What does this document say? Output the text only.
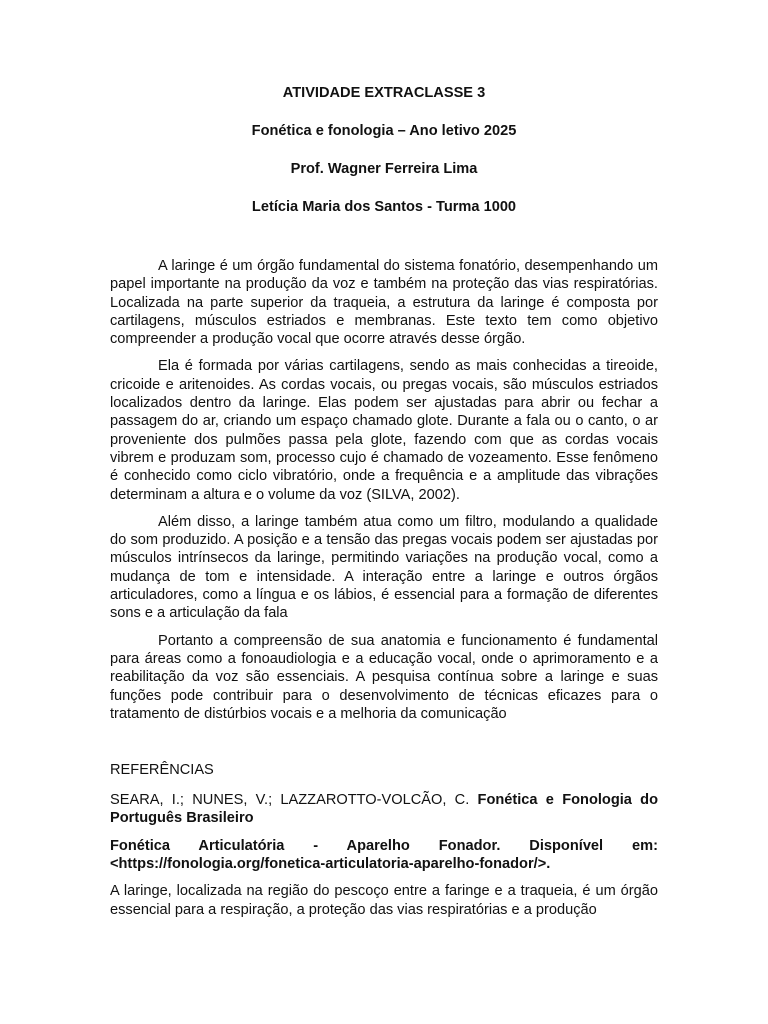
ATIVIDADE EXTRACLASSE 3

Fonética e fonologia – Ano letivo 2025

Prof. Wagner Ferreira Lima

Letícia Maria dos Santos - Turma 1000

A laringe é um órgão fundamental do sistema fonatório, desempenhando um papel importante na produção da voz e também na proteção das vias respiratórias. Localizada na parte superior da traqueia, a estrutura da laringe é composta por cartilagens, músculos estriados e membranas. Este texto tem como objetivo compreender a produção vocal que ocorre através desse órgão.

Ela é formada por várias cartilagens, sendo as mais conhecidas a tireoide, cricoide e aritenoides. As cordas vocais, ou pregas vocais, são músculos estriados localizados dentro da laringe. Elas podem ser ajustadas para abrir ou fechar a passagem do ar, criando um espaço chamado glote. Durante a fala ou o canto, o ar proveniente dos pulmões passa pela glote, fazendo com que as cordas vocais vibrem e produzam som, processo cujo é chamado de vozeamento. Esse fenômeno é conhecido como ciclo vibratório, onde a frequência e a amplitude das vibrações determinam a altura e o volume da voz (SILVA, 2002).

Além disso, a laringe também atua como um filtro, modulando a qualidade do som produzido. A posição e a tensão das pregas vocais podem ser ajustadas por músculos intrínsecos da laringe, permitindo variações na produção vocal, como a mudança de tom e intensidade. A interação entre a laringe e outros órgãos articuladores, como a língua e os lábios, é essencial para a formação de diferentes sons e a articulação da fala

Portanto a compreensão de sua anatomia e funcionamento é fundamental para áreas como a fonoaudiologia e a educação vocal, onde o aprimoramento e a reabilitação da voz são essenciais. A pesquisa contínua sobre a laringe e suas funções pode contribuir para o desenvolvimento de técnicas eficazes para o tratamento de distúrbios vocais e a melhoria da comunicação

REFERÊNCIAS

SEARA, I.; NUNES, V.; LAZZAROTTO-VOLCÃO, C. Fonética e Fonologia do Português Brasileiro

Fonética Articulatória - Aparelho Fonador. Disponível em: <https://fonologia.org/fonetica-articulatoria-aparelho-fonador/>.

A laringe, localizada na região do pescoço entre a faringe e a traqueia, é um órgão essencial para a respiração, a proteção das vias respiratórias e a produção
